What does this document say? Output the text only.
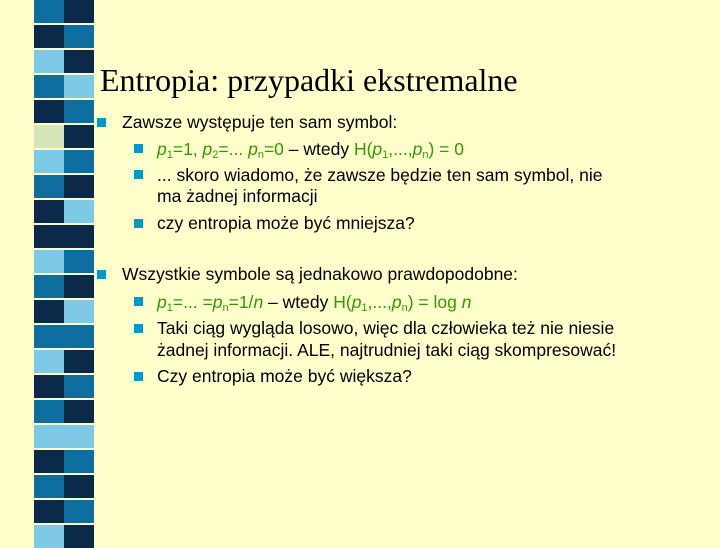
Entropia: przypadki ekstremalne
Zawsze występuje ten sam symbol:
$p_1=1$, $p_2=$... $p_n=0$ – wtedy $H(p_1,...,p_n) = 0$
... skoro wiadomo, że zawsze będzie ten sam symbol, nie
ma żadnej informacji
czy entropia może być mniejsza?
Wszystkie symbole są jednakowo prawdopodobne:
$p_1=$... $=p_n=1/n$ – wtedy $H(p_1,...,p_n) = \log n$
Taki ciąg wygląda losowo, więc dla człowieka też nie niesie
żadnej informacji. ALE, najtrudniej taki ciąg skompresować!
Czy entropia może być większa?
